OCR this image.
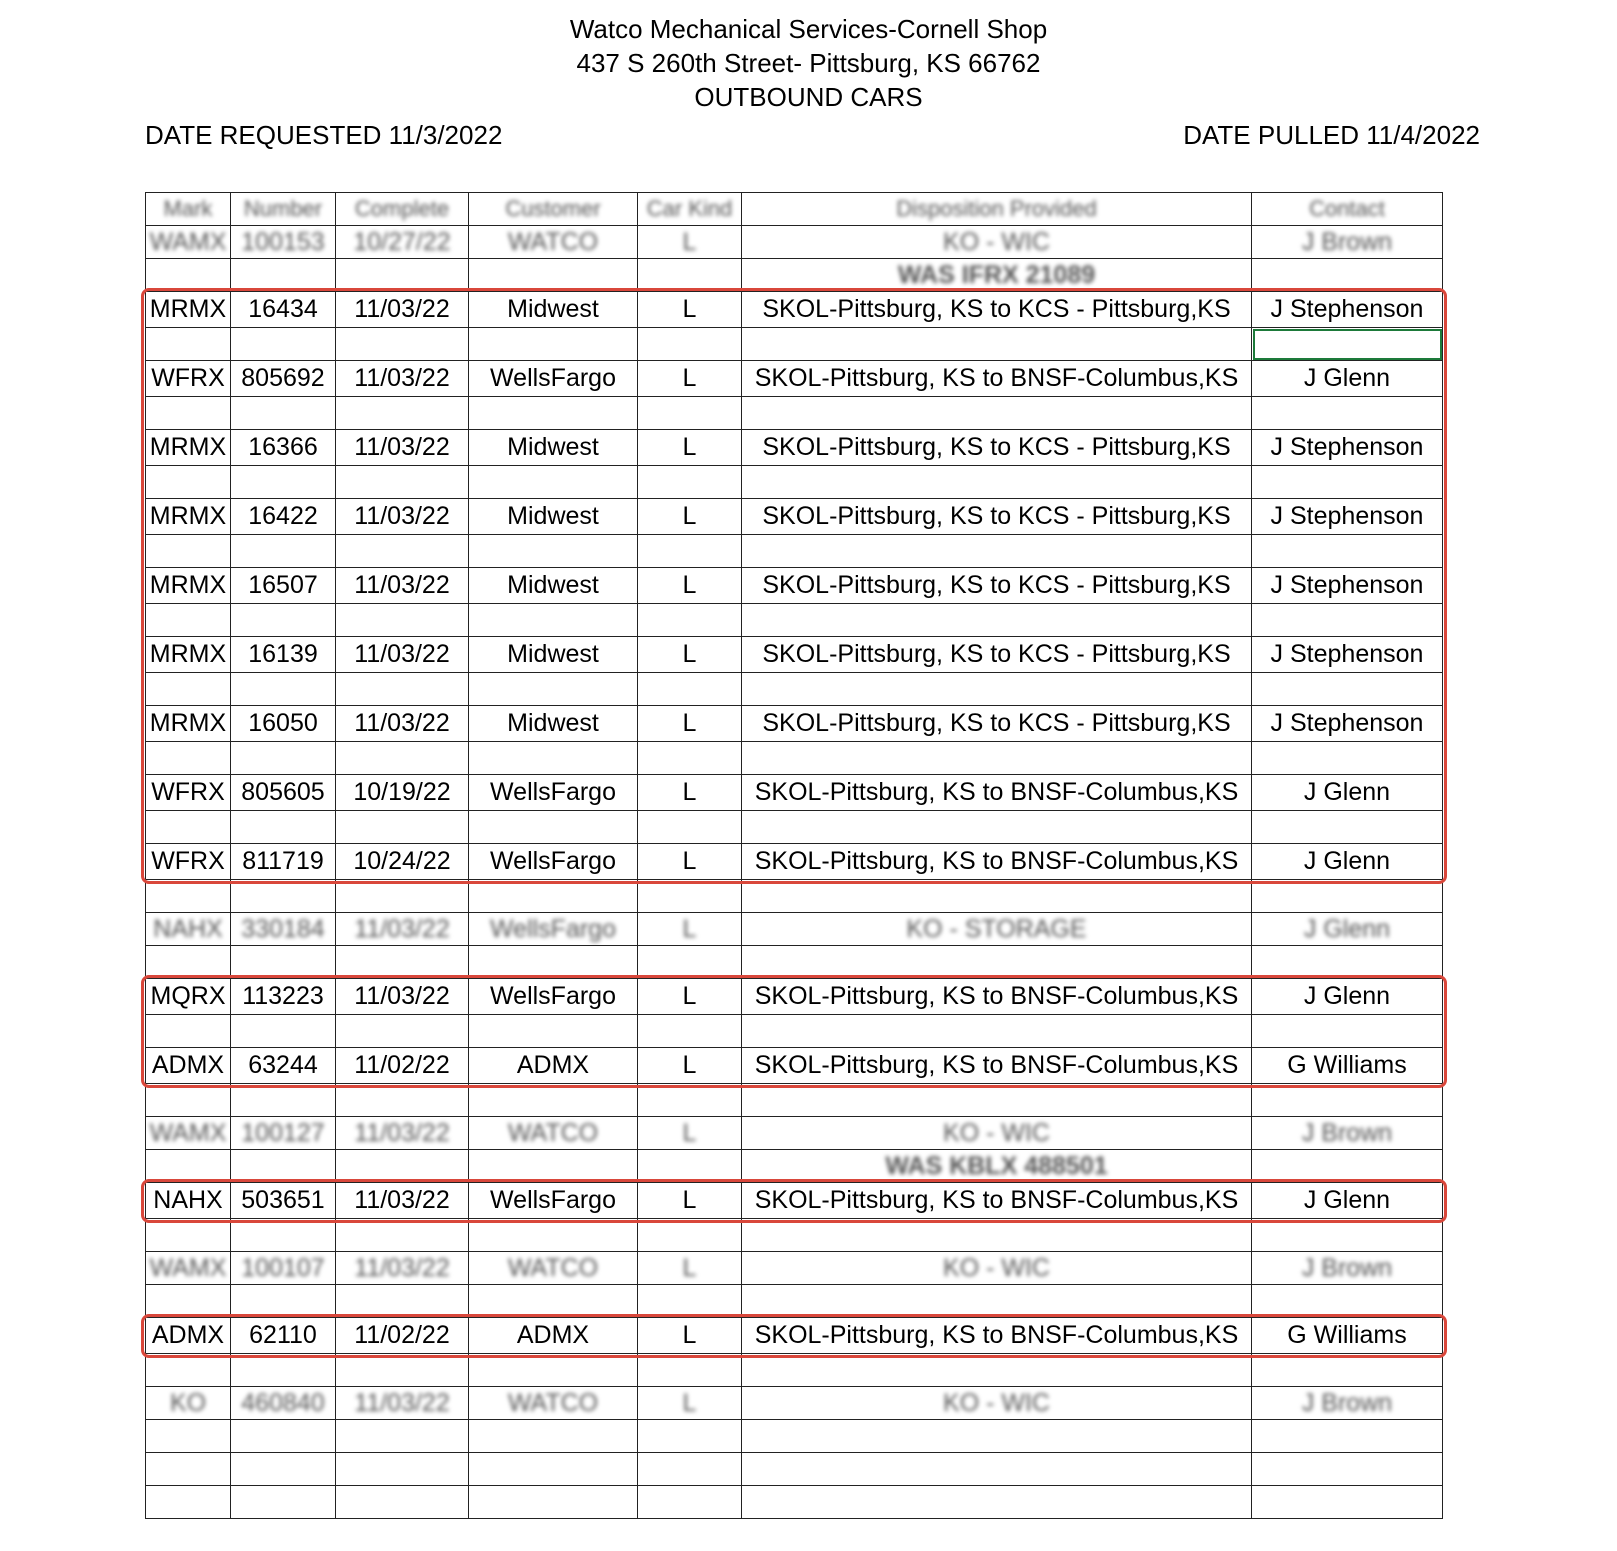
Watco Mechanical Services-Cornell Shop
437 S 260th Street- Pittsburg, KS 66762
OUTBOUND CARS
DATE REQUESTED 11/3/2022	DATE PULLED 11/4/2022
Mark	Number	Complete	Customer	Car Kind	Disposition Provided	Contact
WAMX	100153	10/27/22	WATCO	L	KO - WIC	J Brown
					WAS IFRX 21089	
MRMX	16434	11/03/22	Midwest	L	SKOL-Pittsburg, KS to KCS - Pittsburg,KS	J Stephenson

WFRX	805692	11/03/22	WellsFargo	L	SKOL-Pittsburg, KS to BNSF-Columbus,KS	J Glenn

MRMX	16366	11/03/22	Midwest	L	SKOL-Pittsburg, KS to KCS - Pittsburg,KS	J Stephenson

MRMX	16422	11/03/22	Midwest	L	SKOL-Pittsburg, KS to KCS - Pittsburg,KS	J Stephenson

MRMX	16507	11/03/22	Midwest	L	SKOL-Pittsburg, KS to KCS - Pittsburg,KS	J Stephenson

MRMX	16139	11/03/22	Midwest	L	SKOL-Pittsburg, KS to KCS - Pittsburg,KS	J Stephenson

MRMX	16050	11/03/22	Midwest	L	SKOL-Pittsburg, KS to KCS - Pittsburg,KS	J Stephenson

WFRX	805605	10/19/22	WellsFargo	L	SKOL-Pittsburg, KS to BNSF-Columbus,KS	J Glenn

WFRX	811719	10/24/22	WellsFargo	L	SKOL-Pittsburg, KS to BNSF-Columbus,KS	J Glenn

NAHX	330184	11/03/22	WellsFargo	L	KO - STORAGE	J Glenn

MQRX	113223	11/03/22	WellsFargo	L	SKOL-Pittsburg, KS to BNSF-Columbus,KS	J Glenn

ADMX	63244	11/02/22	ADMX	L	SKOL-Pittsburg, KS to BNSF-Columbus,KS	G Williams

WAMX	100127	11/03/22	WATCO	L	KO - WIC	J Brown
					WAS KBLX 488501	
NAHX	503651	11/03/22	WellsFargo	L	SKOL-Pittsburg, KS to BNSF-Columbus,KS	J Glenn

WAMX	100107	11/03/22	WATCO	L	KO - WIC	J Brown

ADMX	62110	11/02/22	ADMX	L	SKOL-Pittsburg, KS to BNSF-Columbus,KS	G Williams

KO	460840	11/03/22	WATCO	L	KO - WIC	J Brown
